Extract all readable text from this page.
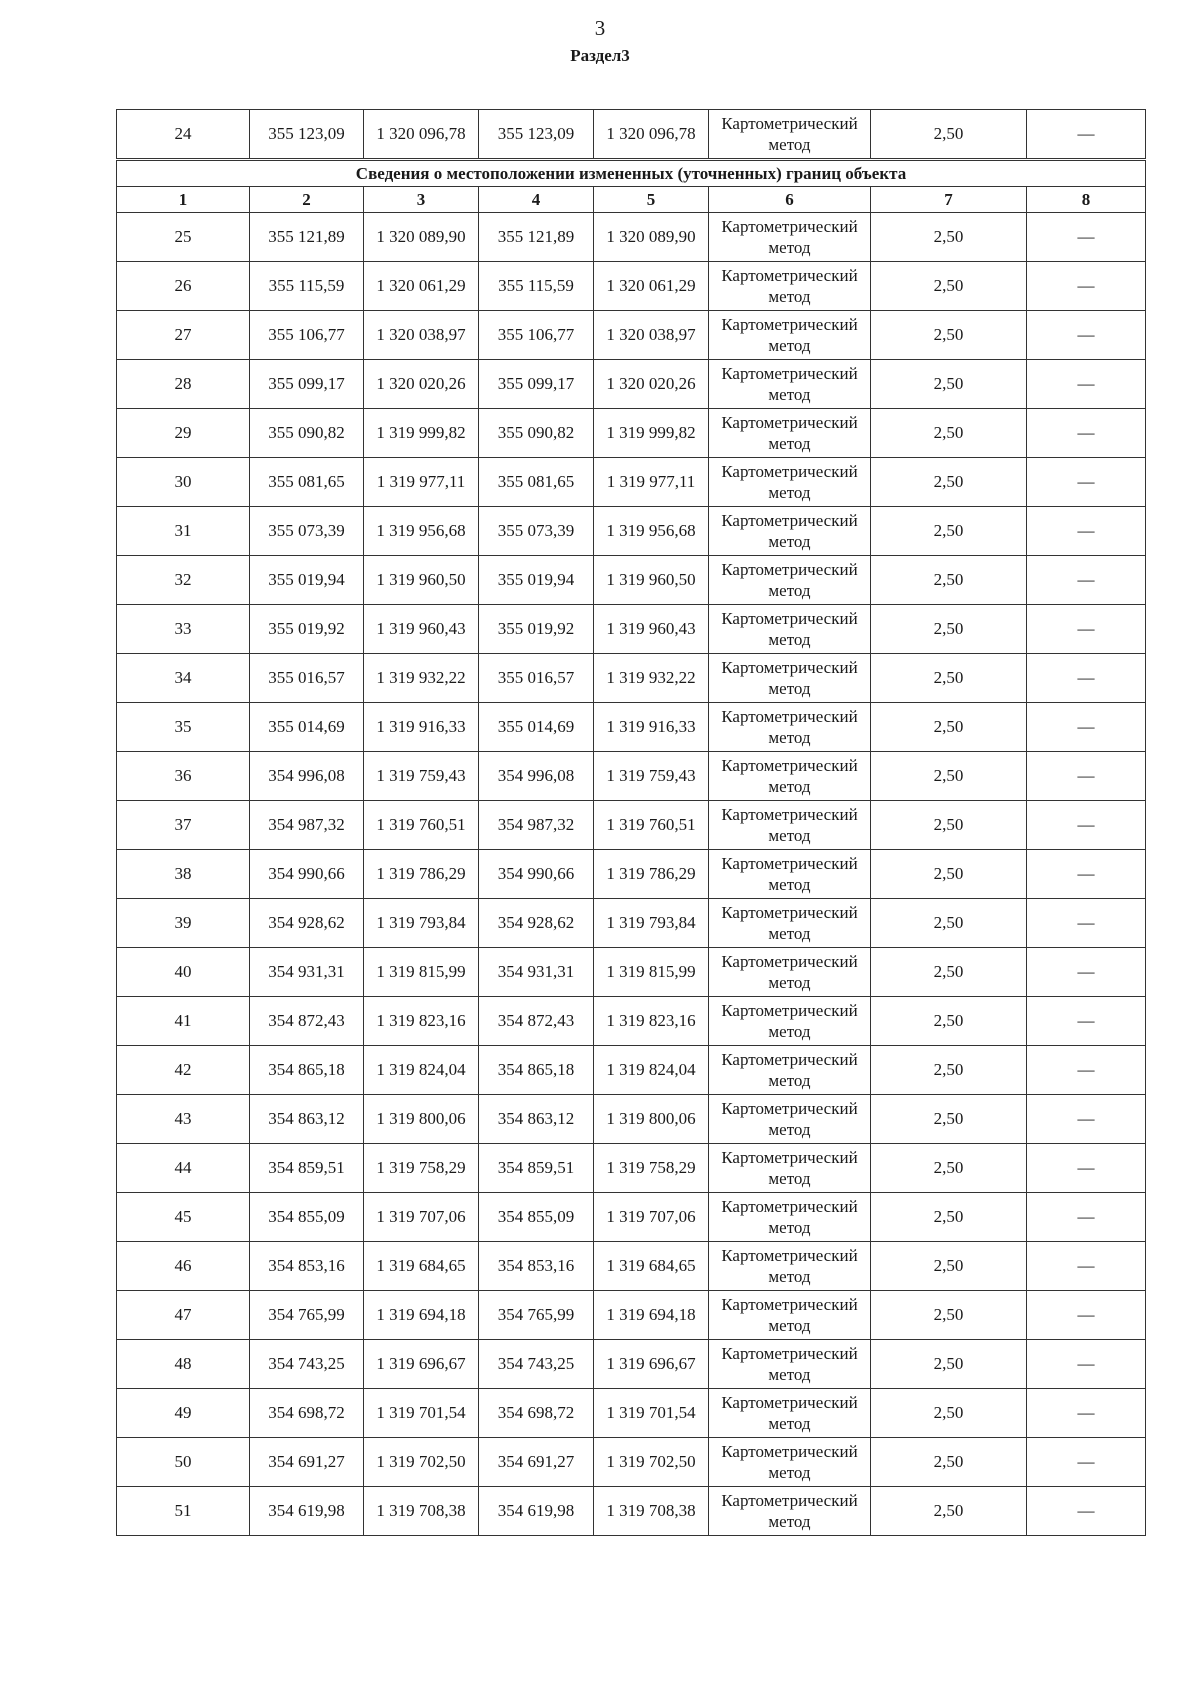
3
Раздел3
24	355 123,09	1 320 096,78	355 123,09	1 320 096,78	Картометрический метод	2,50	—
Сведения о местоположении измененных (уточненных) границ объекта							
1	2	3	4	5	6	7	8
25	355 121,89	1 320 089,90	355 121,89	1 320 089,90	Картометрический метод	2,50	—
26	355 115,59	1 320 061,29	355 115,59	1 320 061,29	Картометрический метод	2,50	—
27	355 106,77	1 320 038,97	355 106,77	1 320 038,97	Картометрический метод	2,50	—
28	355 099,17	1 320 020,26	355 099,17	1 320 020,26	Картометрический метод	2,50	—
29	355 090,82	1 319 999,82	355 090,82	1 319 999,82	Картометрический метод	2,50	—
30	355 081,65	1 319 977,11	355 081,65	1 319 977,11	Картометрический метод	2,50	—
31	355 073,39	1 319 956,68	355 073,39	1 319 956,68	Картометрический метод	2,50	—
32	355 019,94	1 319 960,50	355 019,94	1 319 960,50	Картометрический метод	2,50	—
33	355 019,92	1 319 960,43	355 019,92	1 319 960,43	Картометрический метод	2,50	—
34	355 016,57	1 319 932,22	355 016,57	1 319 932,22	Картометрический метод	2,50	—
35	355 014,69	1 319 916,33	355 014,69	1 319 916,33	Картометрический метод	2,50	—
36	354 996,08	1 319 759,43	354 996,08	1 319 759,43	Картометрический метод	2,50	—
37	354 987,32	1 319 760,51	354 987,32	1 319 760,51	Картометрический метод	2,50	—
38	354 990,66	1 319 786,29	354 990,66	1 319 786,29	Картометрический метод	2,50	—
39	354 928,62	1 319 793,84	354 928,62	1 319 793,84	Картометрический метод	2,50	—
40	354 931,31	1 319 815,99	354 931,31	1 319 815,99	Картометрический метод	2,50	—
41	354 872,43	1 319 823,16	354 872,43	1 319 823,16	Картометрический метод	2,50	—
42	354 865,18	1 319 824,04	354 865,18	1 319 824,04	Картометрический метод	2,50	—
43	354 863,12	1 319 800,06	354 863,12	1 319 800,06	Картометрический метод	2,50	—
44	354 859,51	1 319 758,29	354 859,51	1 319 758,29	Картометрический метод	2,50	—
45	354 855,09	1 319 707,06	354 855,09	1 319 707,06	Картометрический метод	2,50	—
46	354 853,16	1 319 684,65	354 853,16	1 319 684,65	Картометрический метод	2,50	—
47	354 765,99	1 319 694,18	354 765,99	1 319 694,18	Картометрический метод	2,50	—
48	354 743,25	1 319 696,67	354 743,25	1 319 696,67	Картометрический метод	2,50	—
49	354 698,72	1 319 701,54	354 698,72	1 319 701,54	Картометрический метод	2,50	—
50	354 691,27	1 319 702,50	354 691,27	1 319 702,50	Картометрический метод	2,50	—
51	354 619,98	1 319 708,38	354 619,98	1 319 708,38	Картометрический метод	2,50	—
